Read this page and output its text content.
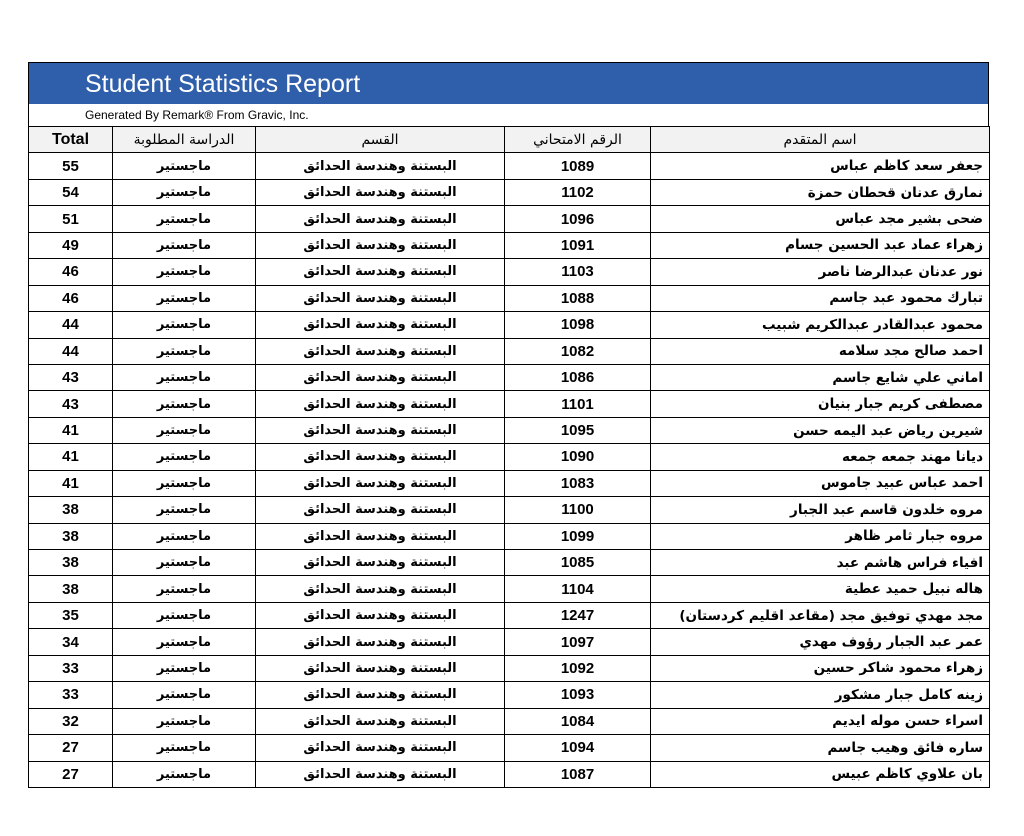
Student Statistics Report
Generated By Remark® From Gravic, Inc.
Total	الدراسة المطلوبة	القسم	الرقم الامتحاني	اسم المتقدم
55	ماجستير	البستنة وهندسة الحدائق	1089	جعفر سعد كاظم عباس
54	ماجستير	البستنة وهندسة الحدائق	1102	نمارق عدنان قحطان حمزة
51	ماجستير	البستنة وهندسة الحدائق	1096	ضحى بشير مجد عباس
49	ماجستير	البستنة وهندسة الحدائق	1091	زهراء عماد عبد الحسين جسام
46	ماجستير	البستنة وهندسة الحدائق	1103	نور عدنان عبدالرضا ناصر
46	ماجستير	البستنة وهندسة الحدائق	1088	تبارك محمود عبد جاسم
44	ماجستير	البستنة وهندسة الحدائق	1098	محمود عبدالقادر عبدالكريم شبيب
44	ماجستير	البستنة وهندسة الحدائق	1082	احمد صالح مجد سلامه
43	ماجستير	البستنة وهندسة الحدائق	1086	اماني علي شايع جاسم
43	ماجستير	البستنة وهندسة الحدائق	1101	مصطفى كريم جبار بنيان
41	ماجستير	البستنة وهندسة الحدائق	1095	شيرين رياض عبد اليمه حسن
41	ماجستير	البستنة وهندسة الحدائق	1090	ديانا مهند جمعه جمعه
41	ماجستير	البستنة وهندسة الحدائق	1083	احمد عباس عبيد جاموس
38	ماجستير	البستنة وهندسة الحدائق	1100	مروه خلدون قاسم عبد الجبار
38	ماجستير	البستنة وهندسة الحدائق	1099	مروه جبار ثامر ظاهر
38	ماجستير	البستنة وهندسة الحدائق	1085	افياء فراس هاشم عبد
38	ماجستير	البستنة وهندسة الحدائق	1104	هاله نبيل حميد عطية
35	ماجستير	البستنة وهندسة الحدائق	1247	مجد مهدي توفيق مجد (مقاعد اقليم كردستان)
34	ماجستير	البستنة وهندسة الحدائق	1097	عمر عبد الجبار رؤوف مهدي
33	ماجستير	البستنة وهندسة الحدائق	1092	زهراء محمود شاكر حسين
33	ماجستير	البستنة وهندسة الحدائق	1093	زينه كامل جبار مشكور
32	ماجستير	البستنة وهندسة الحدائق	1084	اسراء حسن موله ايديم
27	ماجستير	البستنة وهندسة الحدائق	1094	ساره فائق وهيب جاسم
27	ماجستير	البستنة وهندسة الحدائق	1087	بان علاوي كاظم عبيس
